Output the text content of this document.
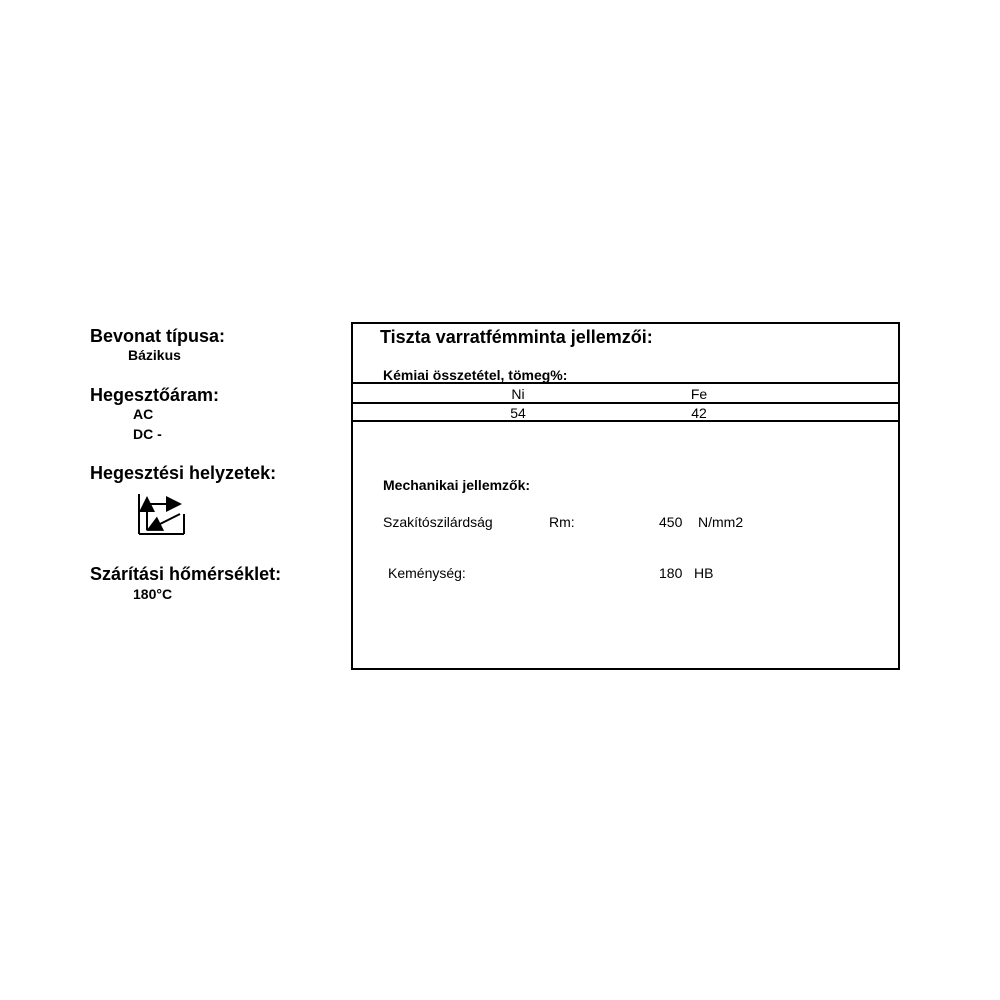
Bevonat típusa:
Bázikus
Hegesztőáram:
AC
DC -
Hegesztési helyzetek:
Szárítási hőmérséklet:
180°C
Tiszta varratfémminta jellemzői:
Kémiai összetétel, tömeg%:
Ni	Fe
54	42
Mechanikai jellemzők:
Szakítószilárdság	Rm:	450 N/mm2
Keménység:	180 HB
